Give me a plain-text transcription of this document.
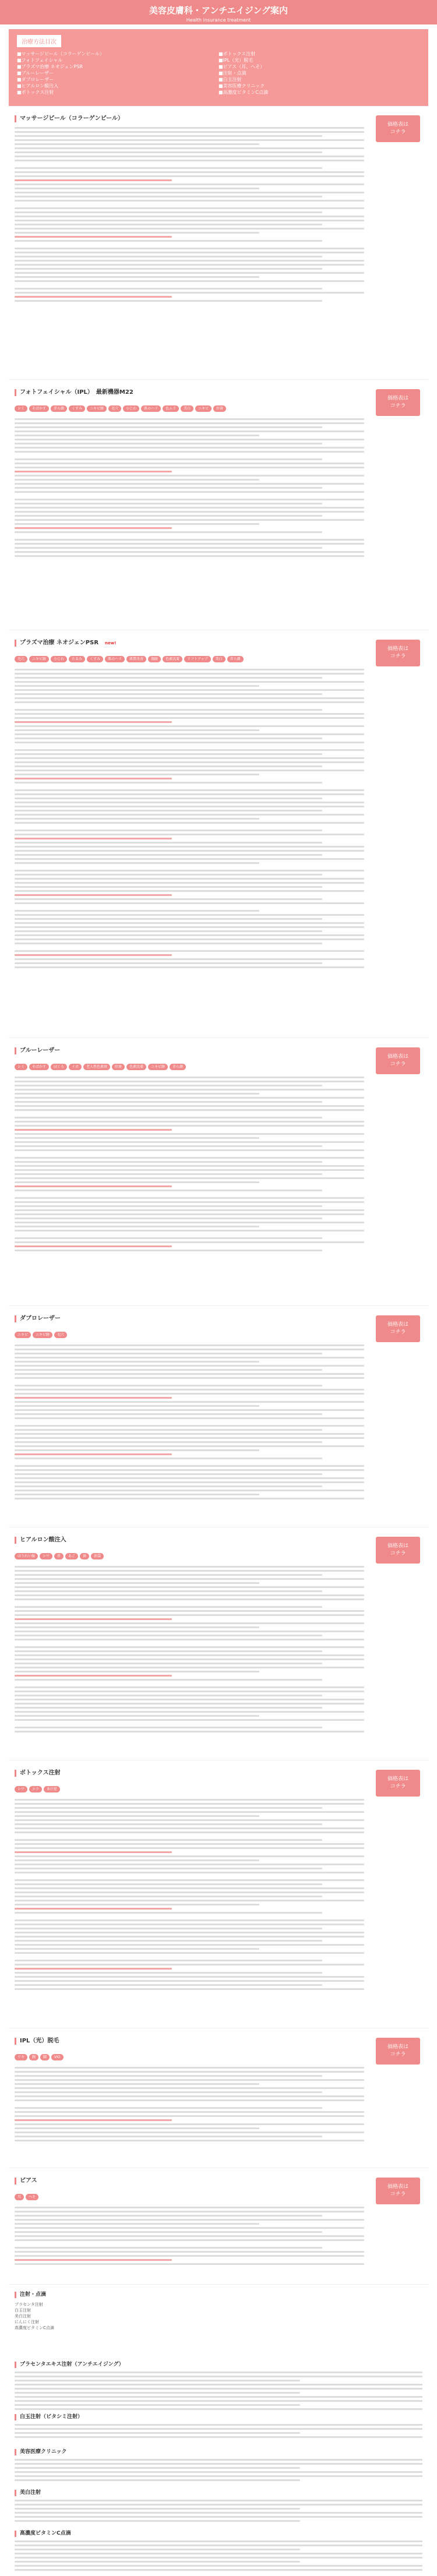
美容皮膚科・アンチエイジング案内

Health insurance treatment

治療方法目次
■マッサージピール（コラーゲンピール）
■フォトフェイシャル
■プラズマ治療 ネオジェンPSR
■ブルーレーザー
■ダブロレーザー
■ヒアルロン酸注入
■ボトックス注射
■ボトックス注射
■IPL（光）脱毛
■ピアス（耳、へそ）
■注射・点滴
■白玉注射
■美容医療クリニック
■高濃度ビタミンC点滴
マッサージピール（コラーゲンピール）
価格表は
コチラ
フォトフェイシャル（IPL）　最新機器M22
シミ そばかす 赤ら顔 くすみ ニキビ跡 毛穴 小じわ 肌のハリ 色ムラ 美白 ニキビ 肝斑
価格表は
コチラ
プラズマ治療 ネオジェンPSR new!
毛穴 ニキビ跡 小じわ たるみ くすみ 肌のハリ 肌質改善 傷跡 色素沈着 リフトアップ 美白 赤ら顔
価格表は
コチラ
ブルーレーザー
シミ そばかす ほくろ イボ 老人性色素斑 肝斑 色素沈着 ニキビ跡 赤ら顔
価格表は
コチラ
ダブロレーザー
ニキビ ニキビ跡 毛穴
価格表は
コチラ
ヒアルロン酸注入
ほうれい線 シワ 鼻 あご 唇 涙袋
価格表は
コチラ
ボトックス注射
シワ エラ 多汗症
価格表は
コチラ
IPL（光）脱毛
ワキ 腕 脚 VIO
価格表は
コチラ
ピアス
耳 へそ
価格表は
コチラ
注射・点滴
プラセンタ注射
白玉注射
美白注射
にんにく注射
高濃度ビタミンC点滴
プラセンタエキス注射（アンチエイジング）
白玉注射（ビタシミ注射）
美容医療クリニック
美白注射
高濃度ビタミンC点滴
